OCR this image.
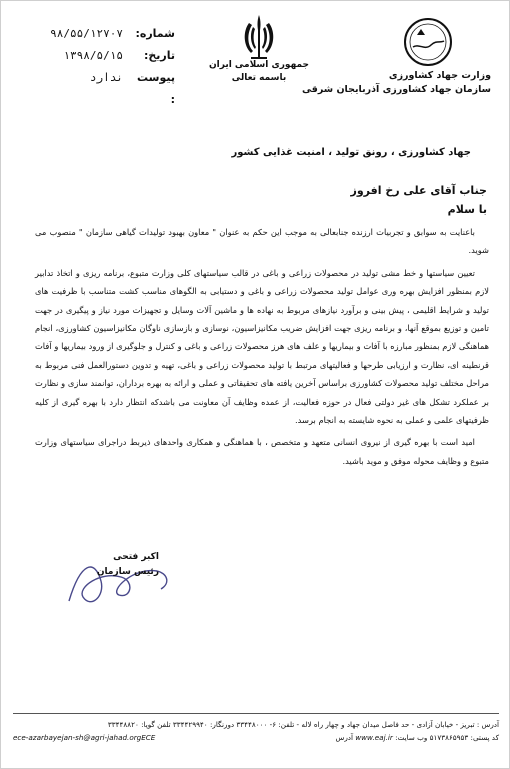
شماره:
۹۸/۵۵/۱۲۷۰۷
تاریخ:
۱۳۹۸/۵/۱۵
پیوست :
ندارد
جمهوری اسلامی ایران
باسمه تعالی	وزارت جهاد کشاورزی
سازمان جهاد کشاورزی آذربایجان شرقی
جهاد کشاورزی ، رونق تولید ، امنیت غذایی کشور
جناب آقای علی رخ افروز
با سلام

باعنایت به سوابق و تجربیات ارزنده جنابعالی به موجب این حکم به عنوان " معاون بهبود تولیدات گیاهی سازمان " منصوب می شوید.

تعیین سیاستها و خط مشی تولید در محصولات زراعی و باغی در قالب سیاستهای کلی وزارت متبوع، برنامه ریزی و اتخاذ تدابیر لازم بمنظور افزایش بهره وری عوامل تولید محصولات زراعی و باغی و دستیابی به الگوهای مناسب کشت متناسب با ظرفیت های تولید و شرایط اقلیمی ، پیش بینی و برآورد نیازهای مربوط به نهاده ها و ماشین آلات وسایل و تجهیزات مورد نیاز و پیگیری در جهت تامین و توزیع بموقع آنها، و برنامه ریزی جهت افزایش ضریب مکانیزاسیون، نوسازی و بازسازی ناوگان مکانیزاسیون کشاورزی، انجام هماهنگی لازم بمنظور مبارزه با آفات و بیماریها و علف های هرز محصولات زراعی و باغی و کنترل و جلوگیری از ورود بیماریها و آفات قرنطینه ای، نظارت و ارزیابی طرحها و فعالیتهای مرتبط با تولید محصولات زراعی و باغی، تهیه و تدوین دستورالعمل فنی مربوط به مراحل مختلف تولید محصولات کشاورزی براساس آخرین یافته های تحقیقاتی و عملی و ارائه به بهره برداران، توانمند سازی و نظارت بر عملکرد تشکل های غیر دولتی فعال در حوزه فعالیت، از عمده وظایف آن معاونت می باشدکه انتظار دارد با بهره گیری از کلیه ظرفیتهای علمی و عملی به نحوه شایسته به انجام برسد.

امید است با بهره گیری از نیروی انسانی متعهد و متخصص ، با هماهنگی و همکاری واحدهای ذیربط دراجرای سیاستهای وزارت متبوع و وظایف محوله موفق و موید باشید.

اکبر فتحی
رئیس سازمان
آدرس : تبریز - خیابان آزادی - حد فاصل میدان جهاد و چهار راه لاله - تلفن: ۶- ۳۳۴۴۸۰۰۰ دورنگار: ۳۳۴۴۲۹۹۴۰ تلفن گویا: ۳۳۴۴۸۸۲۰
کد پستی: ۵۱۷۳۸۶۵۹۵۳ وب سایت: www.eaj.ir آدرس
ece-azarbayejan-sh@agri-jahad.orgECE
